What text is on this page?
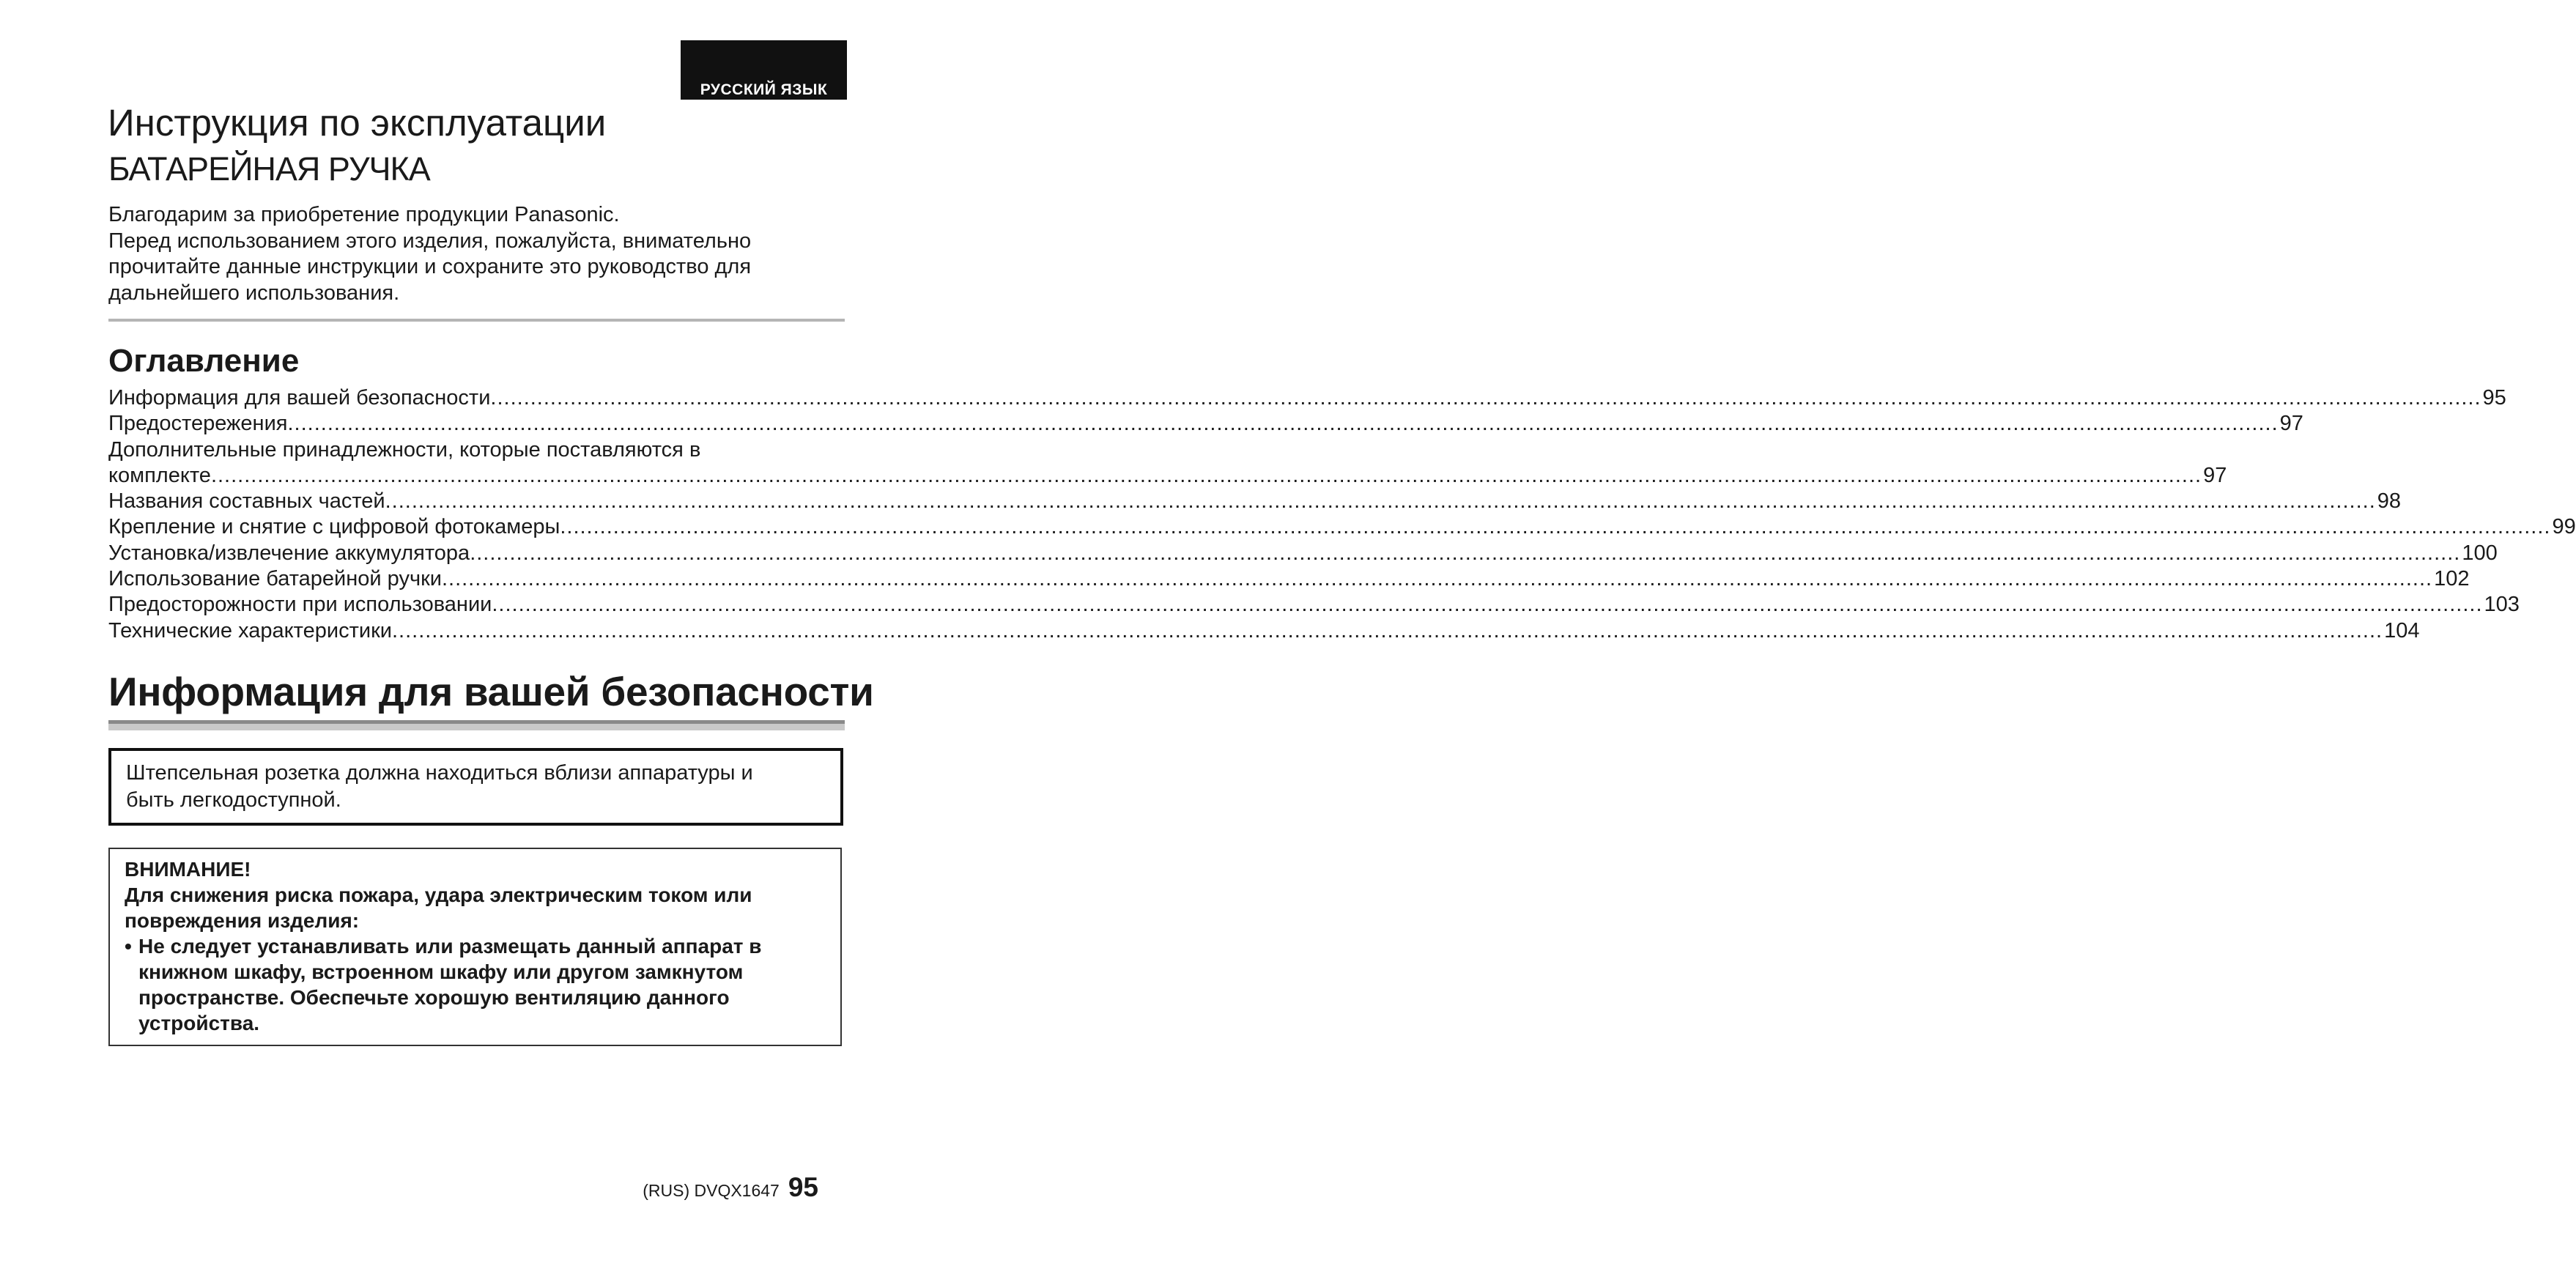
РУССКИЙ ЯЗЫК
Инструкция по эксплуатации
БАТАРЕЙНАЯ РУЧКА
Благодарим за приобретение продукции Panasonic.
Перед использованием этого изделия, пожалуйста, внимательно
прочитайте данные инструкции и сохраните это руководство для
дальнейшего использования.
Оглавление
Информация для вашей безопасности ............................................................................................................................................................................................................................................................................................................ 95
Предостережения ............................................................................................................................................................................................................................................................................................................ 97
Дополнительные принадлежности, которые поставляются в
комплекте ............................................................................................................................................................................................................................................................................................................ 97
Названия составных частей ............................................................................................................................................................................................................................................................................................................ 98
Крепление и снятие с цифровой фотокамеры ............................................................................................................................................................................................................................................................................................................ 99
Установка/извлечение аккумулятора ............................................................................................................................................................................................................................................................................................................ 100
Использование батарейной ручки ............................................................................................................................................................................................................................................................................................................ 102
Предосторожности при использовании ............................................................................................................................................................................................................................................................................................................ 103
Технические характеристики ............................................................................................................................................................................................................................................................................................................ 104
Информация для вашей безопасности
Штепсельная розетка должна находиться вблизи аппаратуры и
быть легкодоступной.
ВНИМАНИЕ!
Для снижения риска пожара, удара электрическим током или
повреждения изделия:
• Не следует устанавливать или размещать данный аппарат в
книжном шкафу, встроенном шкафу или другом замкнутом
пространстве. Обеспечьте хорошую вентиляцию данного
устройства.
(RUS) DVQX1647 95
